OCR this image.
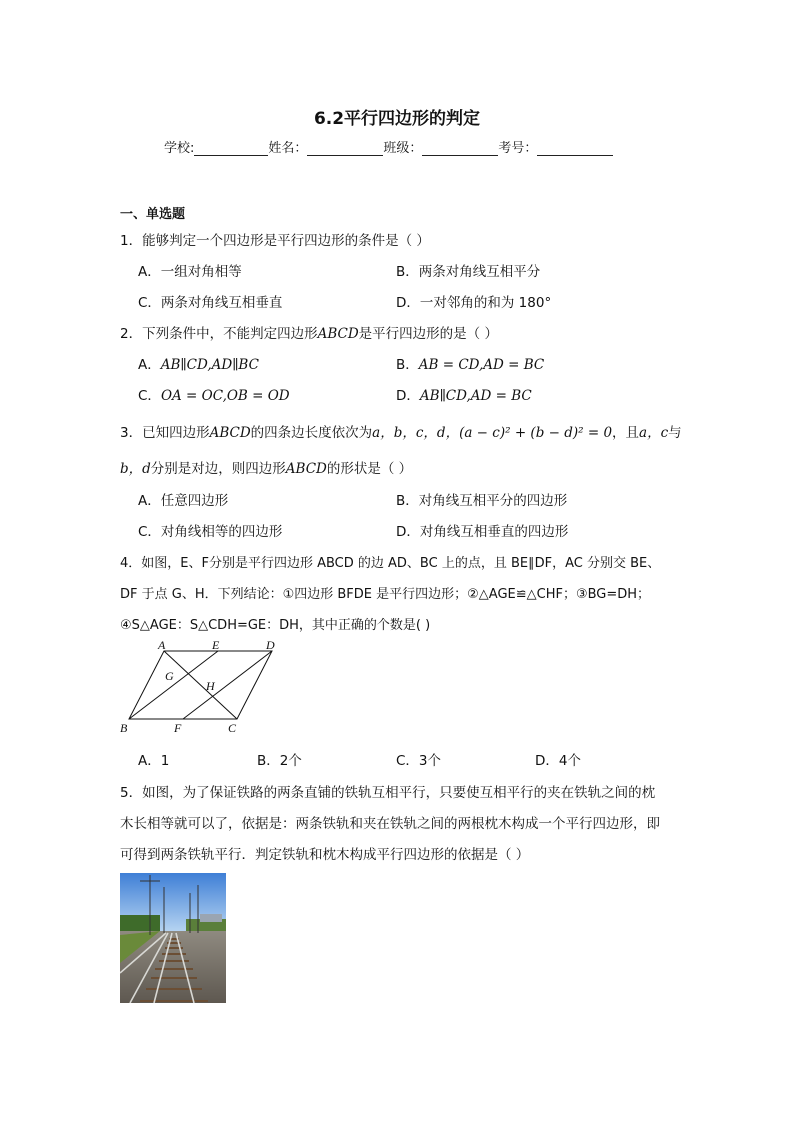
6.2平行四边形的判定
学校:	姓名：	班级：	考号：
一、单选题
1．能够判定一个四边形是平行四边形的条件是（ ）
A．一组对角相等	B．两条对角线互相平分
C．两条对角线互相垂直	D．一对邻角的和为 180°
2．下列条件中，不能判定四边形ABCD是平行四边形的是（ ）
A．AB∥CD,AD∥BC	B．AB = CD,AD = BC
C．OA = OC,OB = OD	D．AB∥CD,AD = BC
3．已知四边形ABCD的四条边长度依次为a，b，c，d，(a − c)² + (b − d)² = 0，且a，c与
b，d分别是对边，则四边形ABCD的形状是（ ）
A．任意四边形	B．对角线互相平分的四边形
C．对角线相等的四边形	D．对角线互相垂直的四边形
4．如图，E、F分别是平行四边形 ABCD 的边 AD、BC 上的点，且 BE∥DF，AC 分别交 BE、
DF 于点 G、H．下列结论：①四边形 BFDE 是平行四边形；②△AGE≌△CHF；③BG=DH；
④S△AGE：S△CDH=GE：DH，其中正确的个数是( )
A	E	D
G
H
B	F	C
A．1	B．2个	C．3个	D．4个
5．如图，为了保证铁路的两条直铺的铁轨互相平行，只要使互相平行的夹在铁轨之间的枕
木长相等就可以了，依据是：两条铁轨和夹在铁轨之间的两根枕木构成一个平行四边形，即
可得到两条铁轨平行．判定铁轨和枕木构成平行四边形的依据是（ ）
